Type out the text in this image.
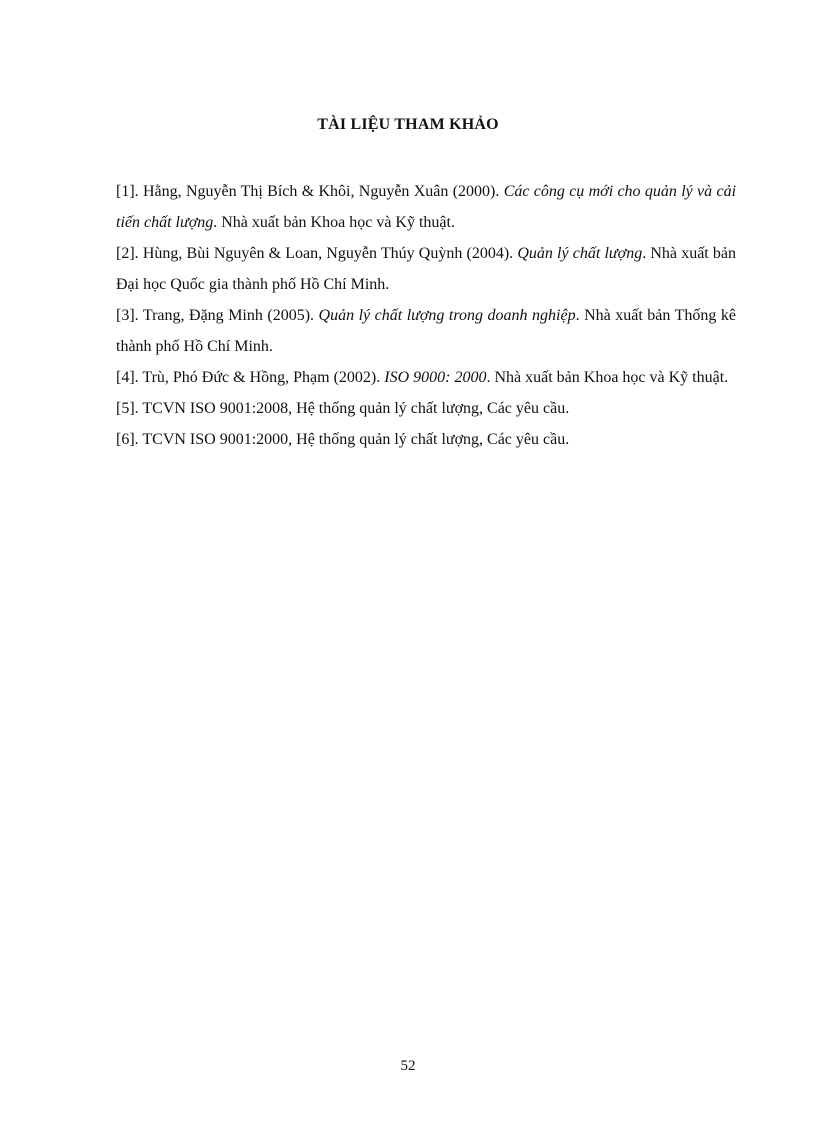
TÀI LIỆU THAM KHẢO

[1]. Hằng, Nguyễn Thị Bích & Khôi, Nguyễn Xuân (2000). Các công cụ mới cho quản lý và cải tiến chất lượng. Nhà xuất bản Khoa học và Kỹ thuật.

[2]. Hùng, Bùi Nguyên & Loan, Nguyễn Thúy Quỳnh (2004). Quản lý chất lượng. Nhà xuất bản Đại học Quốc gia thành phố Hồ Chí Minh.

[3]. Trang, Đặng Minh (2005). Quản lý chất lượng trong doanh nghiệp. Nhà xuất bản Thống kê thành phố Hồ Chí Minh.

[4]. Trù, Phó Đức & Hồng, Phạm (2002). ISO 9000: 2000. Nhà xuất bản Khoa học và Kỹ thuật.

[5]. TCVN ISO 9001:2008, Hệ thống quản lý chất lượng, Các yêu cầu.

[6]. TCVN ISO 9001:2000, Hệ thống quản lý chất lượng, Các yêu cầu.

52
